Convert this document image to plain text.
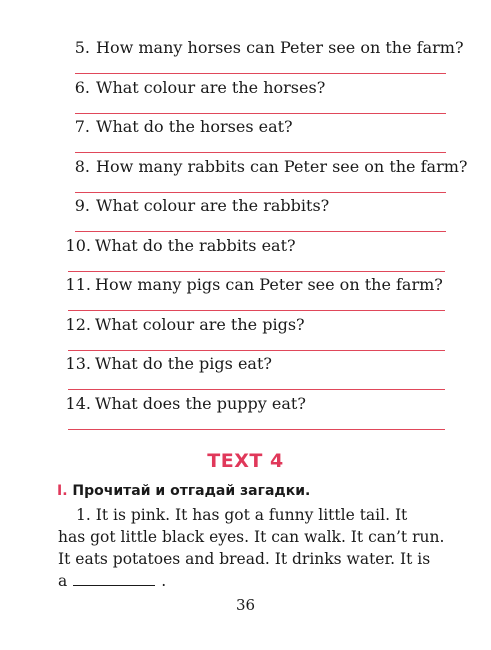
5. How many horses can Peter see on the farm?
6. What colour are the horses?
7. What do the horses eat?
8. How many rabbits can Peter see on the farm?
9. What colour are the rabbits?
10. What do the rabbits eat?
11. How many pigs can Peter see on the farm?
12. What colour are the pigs?
13. What do the pigs eat?
14. What does the puppy eat?
TEXT 4
I. Прочитай и отгадай загадки.
1. It is pink. It has got a funny little tail. It
has got little black eyes. It can walk. It can’t run.
It eats potatoes and bread. It drinks water. It is
a	.
36
